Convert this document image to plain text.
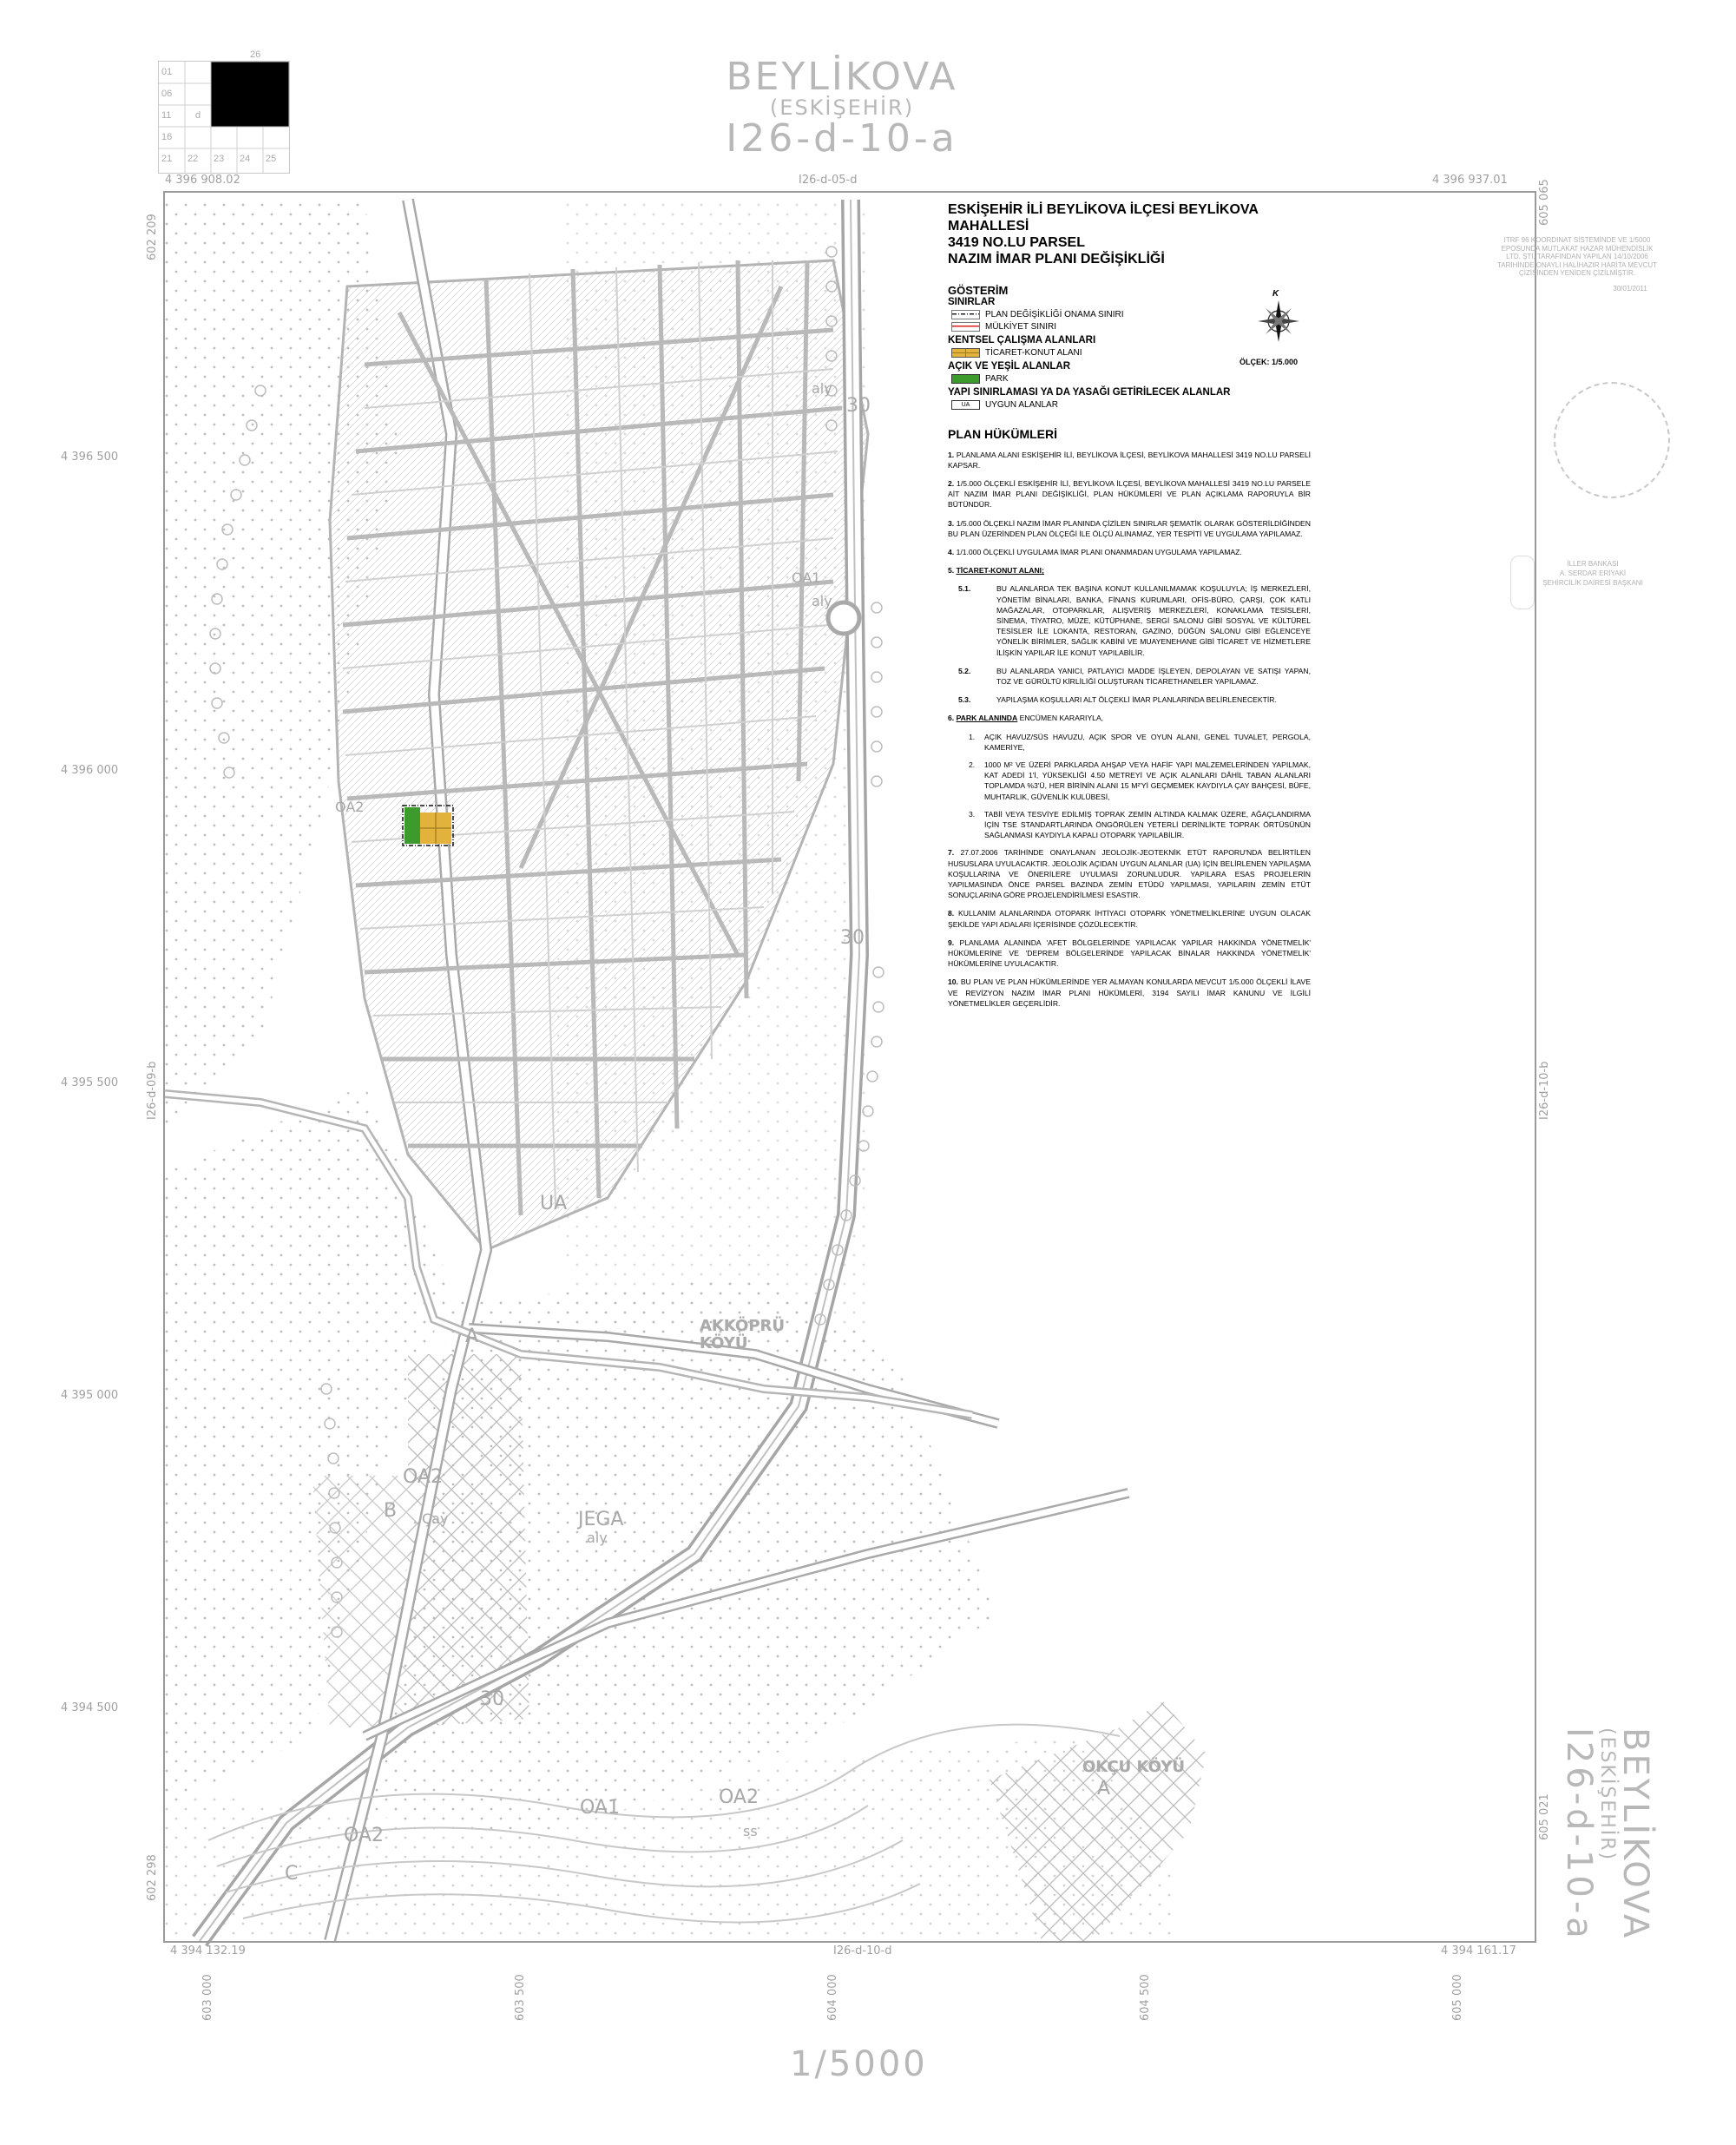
01
06
11
16
21 22 23 24 25
d
26	BEYLİKOVA
(ESKİŞEHİR)
I26-d-10-a
BEYLİKOVA
(ESKİŞEHİR)
I26-d-10-a
1/5000
4 396 908.02	4 396 937.01
4 394 132.19	4 394 161.17
I26-d-05-d
I26-d-10-d
I26-d-09-b	I26-d-10-b
602 209
605 065
605 021
602 298
4 396 500
4 396 000
4 395 500
4 395 000
4 394 500
603 000	603 500	604 000	604 500	605 000
ITRF 96 KOORDINAT SİSTEMİNDE VE 1/5000 EPOSUNDA MUTLAKAT HAZAR MÜHENDİSLİK LTD. ŞTİ. TARAFINDAN YAPILAN 14/10/2006 TARİHİNDE ONAYLI HALİHAZIR HARİTA MEVCUT ÇİZİSİNDEN YENİDEN ÇİZİLMİŞTİR.
30/01/2011
İLLER BANKASI
A. SERDAR ERİYAKİ
ŞEHİRCİLİK DAİRESİ BAŞKANI
aly
aly
aly
OA1
OA2
OA2
OA2
OA2
OA1
UA
JEGA
AKKÖPRÜ KÖYÜ
OKÇU KÖYÜ
30
30
30
A
A
B
C
Çay
ss
ESKİŞEHİR İLİ BEYLİKOVA İLÇESİ BEYLİKOVA MAHALLESİ
3419 NO.LU PARSEL
NAZIM İMAR PLANI DEĞİŞİKLİĞİ
GÖSTERİM
SINIRLAR
PLAN DEĞİŞİKLİĞİ ONAMA SINIRI
MÜLKİYET SINIRI
KENTSEL ÇALIŞMA ALANLARI
TİCARET-KONUT ALANI
AÇIK VE YEŞİL ALANLAR
PARK
YAPI SINIRLAMASI YA DA YASAĞI GETİRİLECEK ALANLAR
UA	UYGUN ALANLAR
PLAN HÜKÜMLERİ
1. PLANLAMA ALANI ESKİŞEHİR İLİ, BEYLİKOVA İLÇESİ, BEYLİKOVA MAHALLESİ 3419 NO.LU PARSELİ KAPSAR.
2. 1/5.000 ÖLÇEKLİ ESKİŞEHİR İLİ, BEYLİKOVA İLÇESİ, BEYLİKOVA MAHALLESİ 3419 NO.LU PARSELE AİT NAZIM İMAR PLANI DEĞİŞİKLİĞİ, PLAN HÜKÜMLERİ VE PLAN AÇIKLAMA RAPORUYLA BİR BÜTÜNDÜR.
3. 1/5.000 ÖLÇEKLİ NAZIM İMAR PLANINDA ÇİZİLEN SINIRLAR ŞEMATİK OLARAK GÖSTERİLDİĞİNDEN BU PLAN ÜZERİNDEN PLAN ÖLÇEĞİ İLE ÖLÇÜ ALINAMAZ, YER TESPİTİ VE UYGULAMA YAPILAMAZ.
4. 1/1.000 ÖLÇEKLİ UYGULAMA İMAR PLANI ONANMADAN UYGULAMA YAPILAMAZ.
5. TİCARET-KONUT ALANI;
5.1.	BU ALANLARDA TEK BAŞINA KONUT KULLANILMAMAK KOŞULUYLA; İŞ MERKEZLERİ, YÖNETİM BİNALARI, BANKA, FİNANS KURUMLARI, OFİS-BÜRO, ÇARŞI, ÇOK KATLI MAĞAZALAR, OTOPARKLAR, ALIŞVERİŞ MERKEZLERİ, KONAKLAMA TESİSLERİ, SİNEMA, TİYATRO, MÜZE, KÜTÜPHANE, SERGİ SALONU GİBİ SOSYAL VE KÜLTÜREL TESİSLER İLE LOKANTA, RESTORAN, GAZİNO, DÜĞÜN SALONU GİBİ EĞLENCEYE YÖNELİK BİRİMLER, SAĞLIK KABİNİ VE MUAYENEHANE GİBİ TİCARET VE HİZMETLERE İLİŞKİN YAPILAR İLE KONUT YAPILABİLİR.
5.2.	BU ALANLARDA YANICI, PATLAYICI MADDE İŞLEYEN, DEPOLAYAN VE SATIŞI YAPAN, TOZ VE GÜRÜLTÜ KİRLİLİĞİ OLUŞTURAN TİCARETHANELER YAPILAMAZ.
5.3.	YAPILAŞMA KOŞULLARI ALT ÖLÇEKLİ İMAR PLANLARINDA BELİRLENECEKTİR.
6. PARK ALANINDA ENCÜMEN KARARIYLA,
1.	AÇIK HAVUZ/SÜS HAVUZU, AÇIK SPOR VE OYUN ALANI, GENEL TUVALET, PERGOLA, KAMERİYE,
2.	1000 M² VE ÜZERİ PARKLARDA AHŞAP VEYA HAFİF YAPI MALZEMELERİNDEN YAPILMAK, KAT ADEDİ 1'İ, YÜKSEKLİĞİ 4.50 METREYİ VE AÇIK ALANLARI DÂHİL TABAN ALANLARI TOPLAMDA %3'Ü, HER BİRİNİN ALANI 15 M²'Yİ GEÇMEMEK KAYDIYLA ÇAY BAHÇESİ, BÜFE, MUHTARLIK, GÜVENLİK KULÜBESİ,
3.	TABİİ VEYA TESVİYE EDİLMİŞ TOPRAK ZEMİN ALTINDA KALMAK ÜZERE, AĞAÇLANDIRMA İÇİN TSE STANDARTLARINDA ÖNGÖRÜLEN YETERLİ DERİNLİKTE TOPRAK ÖRTÜSÜNÜN SAĞLANMASI KAYDIYLA KAPALI OTOPARK YAPILABİLİR.
7. 27.07.2006 TARİHİNDE ONAYLANAN JEOLOJİK-JEOTEKNİK ETÜT RAPORU'NDA BELİRTİLEN HUSUSLARA UYULACAKTIR. JEOLOJİK AÇIDAN UYGUN ALANLAR (UA) İÇİN BELİRLENEN YAPILAŞMA KOŞULLARINA VE ÖNERİLERE UYULMASI ZORUNLUDUR. YAPILARA ESAS PROJELERİN YAPILMASINDA ÖNCE PARSEL BAZINDA ZEMİN ETÜDÜ YAPILMASI, YAPILARIN ZEMİN ETÜT SONUÇLARINA GÖRE PROJELENDİRİLMESİ ESASTIR.
8. KULLANIM ALANLARINDA OTOPARK İHTİYACI OTOPARK YÖNETMELİKLERİNE UYGUN OLACAK ŞEKİLDE YAPI ADALARI İÇERİSİNDE ÇÖZÜLECEKTİR.
9. PLANLAMA ALANINDA 'AFET BÖLGELERİNDE YAPILACAK YAPILAR HAKKINDA YÖNETMELİK' HÜKÜMLERİNE VE 'DEPREM BÖLGELERİNDE YAPILACAK BİNALAR HAKKINDA YÖNETMELİK' HÜKÜMLERİNE UYULACAKTIR.
10. BU PLAN VE PLAN HÜKÜMLERİNDE YER ALMAYAN KONULARDA MEVCUT 1/5.000 ÖLÇEKLİ İLAVE VE REVİZYON NAZIM İMAR PLANI HÜKÜMLERİ, 3194 SAYILI İMAR KANUNU VE İLGİLİ YÖNETMELİKLER GEÇERLİDİR.
K
ÖLÇEK: 1/5.000
